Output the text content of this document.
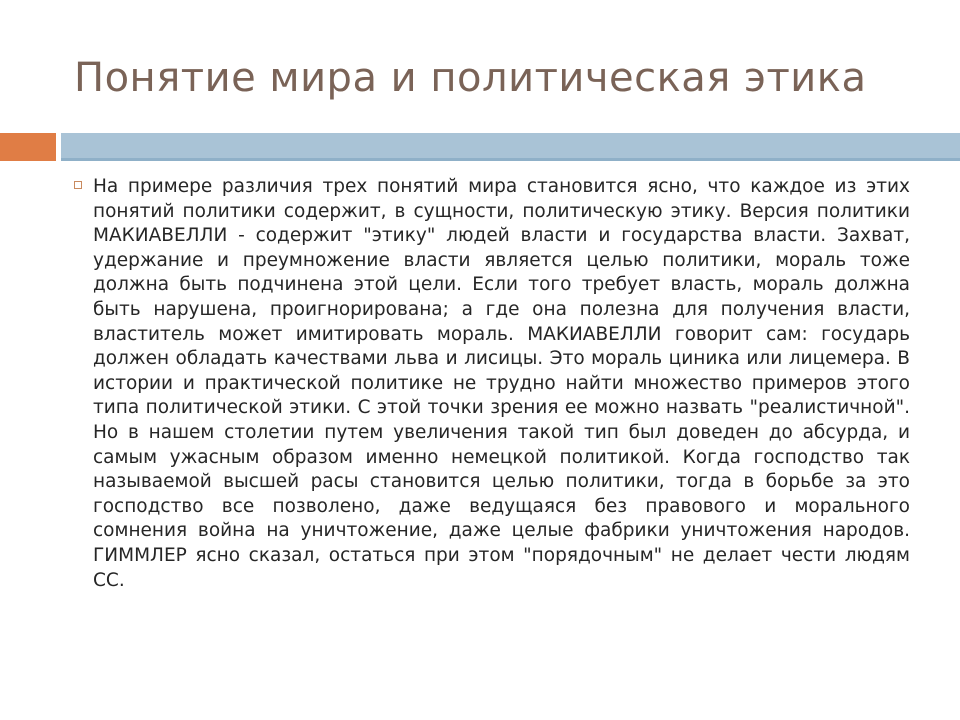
Понятие мира и политическая этика

На примере различия трех понятий мира становится ясно, что каждое из этих понятий политики содержит, в сущности, политическую этику. Версия политики МАКИАВЕЛЛИ - содержит "этику" людей власти и государства власти. Захват, удержание и преумножение власти является целью политики, мораль тоже должна быть подчинена этой цели. Если того требует власть, мораль должна быть нарушена, проигнорирована; а где она полезна для получения власти, властитель может имитировать мораль. МАКИАВЕЛЛИ говорит сам: государь должен обладать качествами льва и лисицы. Это мораль циника или лицемера. В истории и практической политике не трудно найти множество примеров этого типа политической этики. С этой точки зрения ее можно назвать "реалистичной". Но в нашем столетии путем увеличения такой тип был доведен до абсурда, и самым ужасным образом именно немецкой политикой. Когда господство так называемой высшей расы становится целью политики, тогда в борьбе за это господство все позволено, даже ведущаяся без правового и морального сомнения война на уничтожение, даже целые фабрики уничтожения народов. ГИММЛЕР ясно сказал, остаться при этом "порядочным" не делает чести людям СС.
